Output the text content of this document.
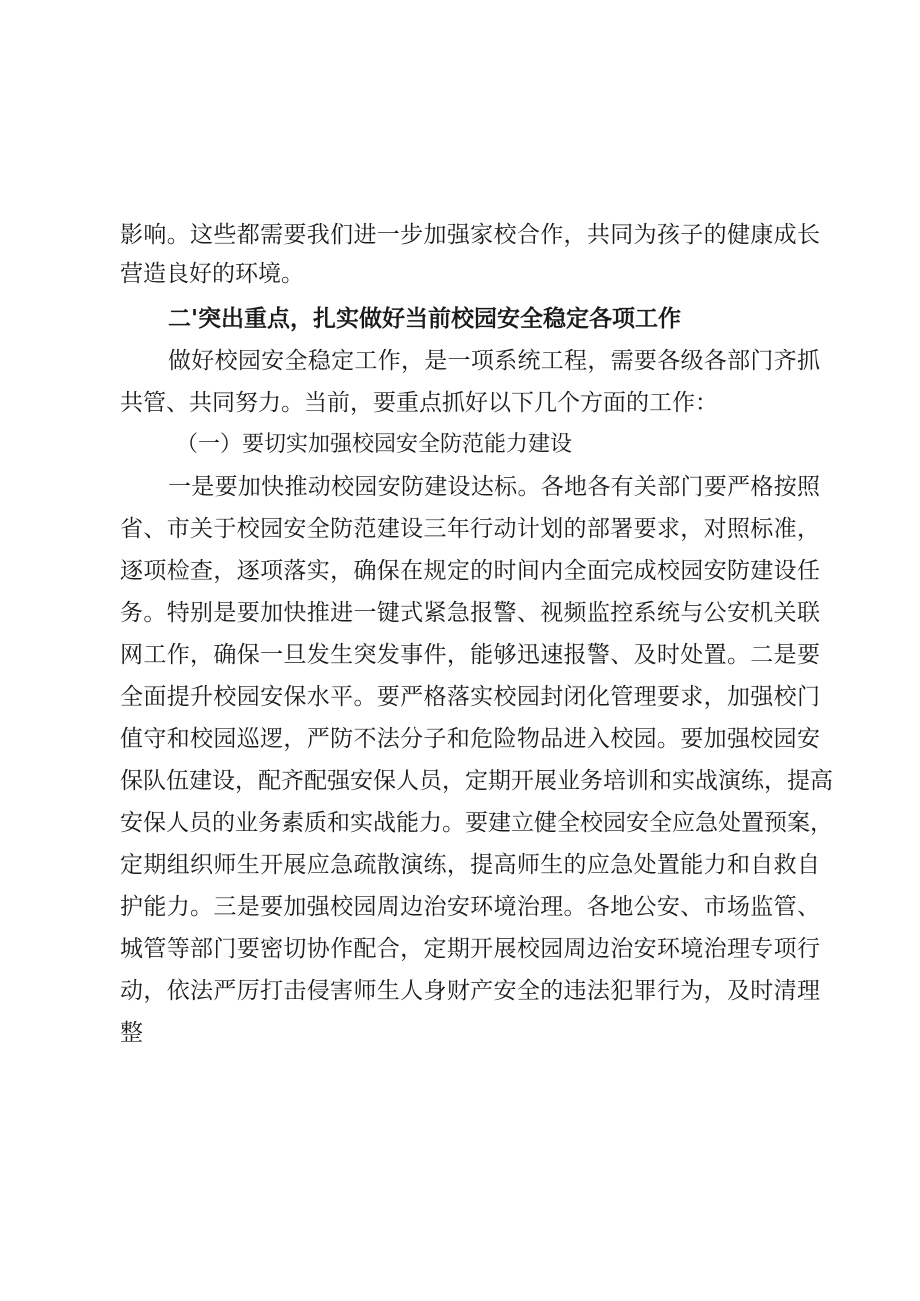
影响。这些都需要我们进一步加强家校合作，共同为孩子的健康成长
营造良好的环境。
二'突出重点，扎实做好当前校园安全稳定各项工作
做好校园安全稳定工作，是一项系统工程，需要各级各部门齐抓
共管、共同努力。当前，要重点抓好以下几个方面的工作：
（一）要切实加强校园安全防范能力建设
一是要加快推动校园安防建设达标。各地各有关部门要严格按照
省、市关于校园安全防范建设三年行动计划的部署要求，对照标准，
逐项检查，逐项落实，确保在规定的时间内全面完成校园安防建设任
务。特别是要加快推进一键式紧急报警、视频监控系统与公安机关联
网工作，确保一旦发生突发事件，能够迅速报警、及时处置。二是要
全面提升校园安保水平。要严格落实校园封闭化管理要求，加强校门
值守和校园巡逻，严防不法分子和危险物品进入校园。要加强校园安
保队伍建设，配齐配强安保人员，定期开展业务培训和实战演练，提高
安保人员的业务素质和实战能力。要建立健全校园安全应急处置预案，
定期组织师生开展应急疏散演练，提高师生的应急处置能力和自救自
护能力。三是要加强校园周边治安环境治理。各地公安、市场监管、
城管等部门要密切协作配合，定期开展校园周边治安环境治理专项行
动，依法严厉打击侵害师生人身财产安全的违法犯罪行为，及时清理
整
